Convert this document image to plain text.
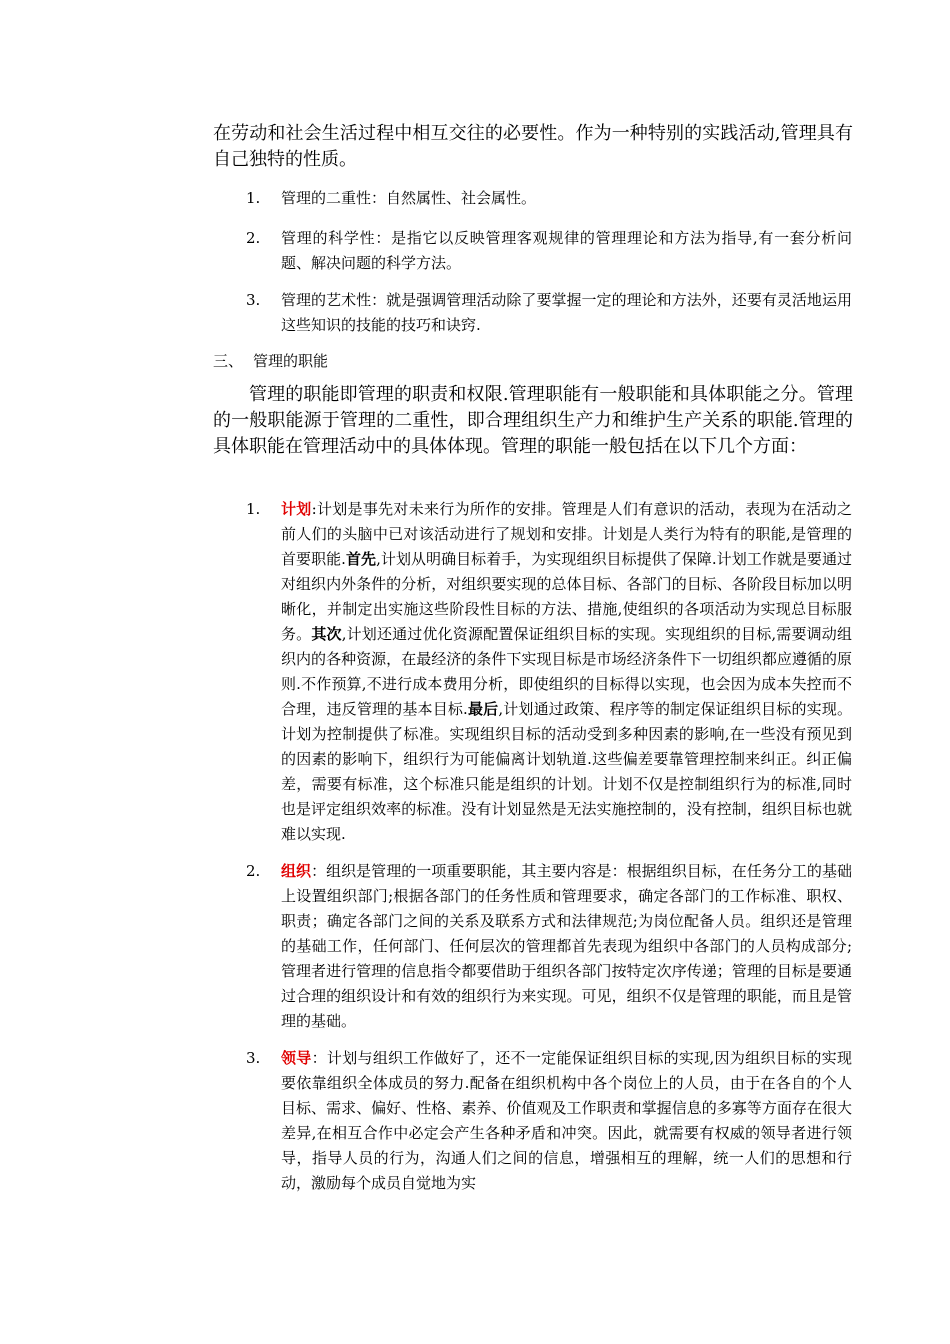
在劳动和社会生活过程中相互交往的必要性。作为一种特别的实践活动,管理具有自己独特的性质。

1.	管理的二重性：自然属性、社会属性。
2.	管理的科学性：是指它以反映管理客观规律的管理理论和方法为指导,有一套分析问题、解决问题的科学方法。
3.	管理的艺术性：就是强调管理活动除了要掌握一定的理论和方法外，还要有灵活地运用这些知识的技能的技巧和诀窍.
三、 管理的职能

管理的职能即管理的职责和权限.管理职能有一般职能和具体职能之分。管理的一般职能源于管理的二重性，即合理组织生产力和维护生产关系的职能.管理的具体职能在管理活动中的具体体现。管理的职能一般包括在以下几个方面：

1.	计划:计划是事先对未来行为所作的安排。管理是人们有意识的活动，表现为在活动之前人们的头脑中已对该活动进行了规划和安排。计划是人类行为特有的职能,是管理的首要职能.首先,计划从明确目标着手，为实现组织目标提供了保障.计划工作就是要通过对组织内外条件的分析，对组织要实现的总体目标、各部门的目标、各阶段目标加以明晰化，并制定出实施这些阶段性目标的方法、措施,使组织的各项活动为实现总目标服务。其次,计划还通过优化资源配置保证组织目标的实现。实现组织的目标,需要调动组织内的各种资源，在最经济的条件下实现目标是市场经济条件下一切组织都应遵循的原则.不作预算,不进行成本费用分析，即使组织的目标得以实现，也会因为成本失控而不合理，违反管理的基本目标.最后,计划通过政策、程序等的制定保证组织目标的实现。计划为控制提供了标准。实现组织目标的活动受到多种因素的影响,在一些没有预见到的因素的影响下，组织行为可能偏离计划轨道.这些偏差要靠管理控制来纠正。纠正偏差，需要有标准，这个标准只能是组织的计划。计划不仅是控制组织行为的标准,同时也是评定组织效率的标准。没有计划显然是无法实施控制的，没有控制，组织目标也就难以实现.
2.	组织：组织是管理的一项重要职能，其主要内容是：根据组织目标，在任务分工的基础上设置组织部门;根据各部门的任务性质和管理要求，确定各部门的工作标准、职权、职责；确定各部门之间的关系及联系方式和法律规范;为岗位配备人员。组织还是管理的基础工作，任何部门、任何层次的管理都首先表现为组织中各部门的人员构成部分;管理者进行管理的信息指令都要借助于组织各部门按特定次序传递；管理的目标是要通过合理的组织设计和有效的组织行为来实现。可见，组织不仅是管理的职能，而且是管理的基础。
3.	领导：计划与组织工作做好了，还不一定能保证组织目标的实现,因为组织目标的实现要依靠组织全体成员的努力.配备在组织机构中各个岗位上的人员，由于在各自的个人目标、需求、偏好、性格、素养、价值观及工作职责和掌握信息的多寡等方面存在很大差异,在相互合作中必定会产生各种矛盾和冲突。因此，就需要有权威的领导者进行领导，指导人员的行为，沟通人们之间的信息，增强相互的理解，统一人们的思想和行动，激励每个成员自觉地为实
